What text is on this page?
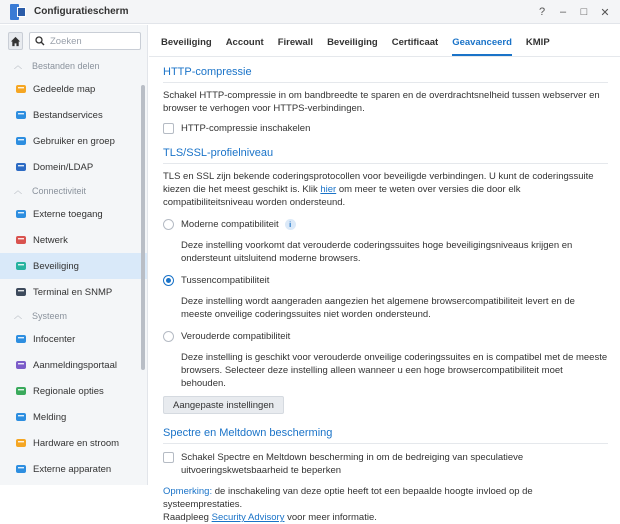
Configuratiescherm	?	–	□	✕
Zoeken
︿ Bestanden delen
Gedeelde map
Bestandservices
Gebruiker en groep
Domein/LDAP
︿ Connectiviteit
Externe toegang
Netwerk
Beveiliging
Terminal en SNMP
︿ Systeem
Infocenter
Aanmeldingsportaal
Regionale opties
Melding
Hardware en stroom
Externe apparaten
Beveiliging Account Firewall Beveiliging Certificaat Geavanceerd KMIP
HTTP-compressie
Schakel HTTP-compressie in om bandbreedte te sparen en de overdrachtsnelheid tussen webserver en browser te verhogen voor HTTPS-verbindingen.
HTTP-compressie inschakelen
TLS/SSL-profielniveau
TLS en SSL zijn bekende coderingsprotocollen voor beveiligde verbindingen. U kunt de coderingssuite kiezen die het meest geschikt is. Klik hier om meer te weten over versies die door elk compatibiliteitsniveau worden ondersteund.
Moderne compatibiliteit	i
Deze instelling voorkomt dat verouderde coderingssuites hoge beveiligingsniveaus krijgen en ondersteunt uitsluitend moderne browsers.
Tussencompatibiliteit
Deze instelling wordt aangeraden aangezien het algemene browsercompatibiliteit levert en de meeste onveilige coderingssuites niet worden ondersteund.
Verouderde compatibiliteit
Deze instelling is geschikt voor verouderde onveilige coderingssuites en is compatibel met de meeste browsers. Selecteer deze instelling alleen wanneer u een hoge browsercompatibiliteit moet behouden.
Aangepaste instellingen
Spectre en Meltdown bescherming
Schakel Spectre en Meltdown bescherming in om de bedreiging van speculatieve uitvoeringskwetsbaarheid te beperken
Opmerking: de inschakeling van deze optie heeft tot een bepaalde hoogte invloed op de systeemprestaties.
Raadpleeg Security Advisory voor meer informatie.
